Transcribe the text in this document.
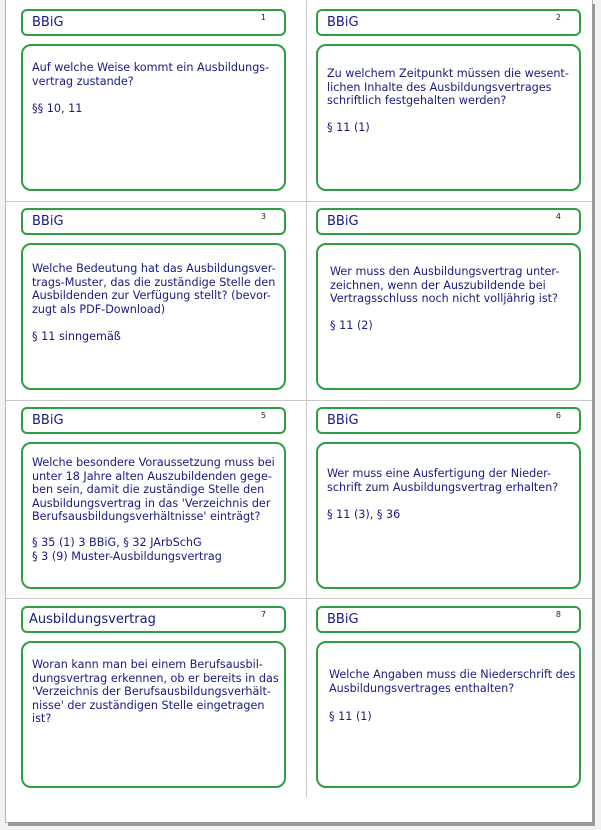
BBiG	1
Auf welche Weise kommt ein Ausbildungs-
vertrag zustande?
§§ 10, 11
BBiG	2
Zu welchem Zeitpunkt müssen die wesent-
lichen Inhalte des Ausbildungsvertrages
schriftlich festgehalten werden?
§ 11 (1)
BBiG	3
Welche Bedeutung hat das Ausbildungsver-
trags-Muster, das die zuständige Stelle den
Ausbildenden zur Verfügung stellt? (bevor-
zugt als PDF-Download)
§ 11 sinngemäß
BBiG	4
Wer muss den Ausbildungsvertrag unter-
zeichnen, wenn der Auszubildende bei
Vertragsschluss noch nicht volljährig ist?
§ 11 (2)
BBiG	5
Welche besondere Voraussetzung muss bei
unter 18 Jahre alten Auszubildenden gege-
ben sein, damit die zuständige Stelle den
Ausbildungsvertrag in das 'Verzeichnis der
Berufsausbildungsverhältnisse' einträgt?
§ 35 (1) 3 BBiG, § 32 JArbSchG
§ 3 (9) Muster-Ausbildungsvertrag
BBiG	6
Wer muss eine Ausfertigung der Nieder-
schrift zum Ausbildungsvertrag erhalten?
§ 11 (3), § 36
Ausbildungsvertrag	7
Woran kann man bei einem Berufsausbil-
dungsvertrag erkennen, ob er bereits in das
'Verzeichnis der Berufsausbildungsverhält-
nisse' der zuständigen Stelle eingetragen
ist?
BBiG	8
Welche Angaben muss die Niederschrift des
Ausbildungsvertrages enthalten?
§ 11 (1)
